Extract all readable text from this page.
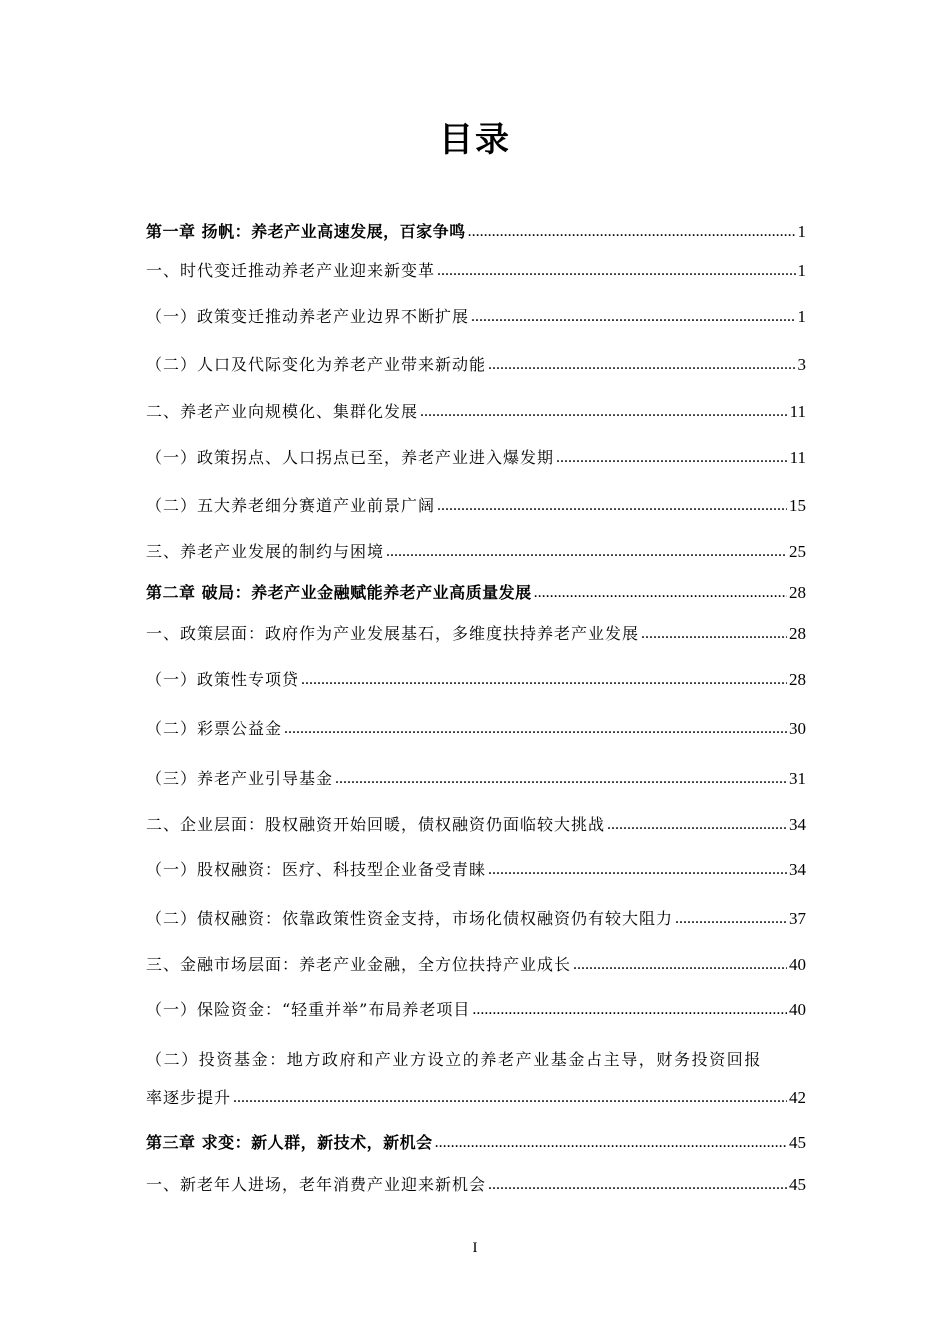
目录
第一章 扬帆：养老产业高速发展，百家争鸣 .....	1
一、时代变迁推动养老产业迎来新变革 .....	1
（一）政策变迁推动养老产业边界不断扩展 .....	1
（二）人口及代际变化为养老产业带来新动能 .....	3
二、养老产业向规模化、集群化发展 .....	11
（一）政策拐点、人口拐点已至，养老产业进入爆发期 .....	11
（二）五大养老细分赛道产业前景广阔 .....	15
三、养老产业发展的制约与困境 .....	25
第二章 破局：养老产业金融赋能养老产业高质量发展 .....	28
一、政策层面：政府作为产业发展基石，多维度扶持养老产业发展 .....	28
（一）政策性专项贷 .....	28
（二）彩票公益金 .....	30
（三）养老产业引导基金 .....	31
二、企业层面：股权融资开始回暖，债权融资仍面临较大挑战 .....	34
（一）股权融资：医疗、科技型企业备受青睐 .....	34
（二）债权融资：依靠政策性资金支持，市场化债权融资仍有较大阻力 .....	37
三、金融市场层面：养老产业金融，全方位扶持产业成长 .....	40
（一）保险资金：“轻重并举”布局养老项目 .....	40
（二）投资基金：地方政府和产业方设立的养老产业基金占主导，财务投资回报
率逐步提升 .....	42
第三章 求变：新人群，新技术，新机会 .....	45
一、新老年人进场，老年消费产业迎来新机会 .....	45
I
